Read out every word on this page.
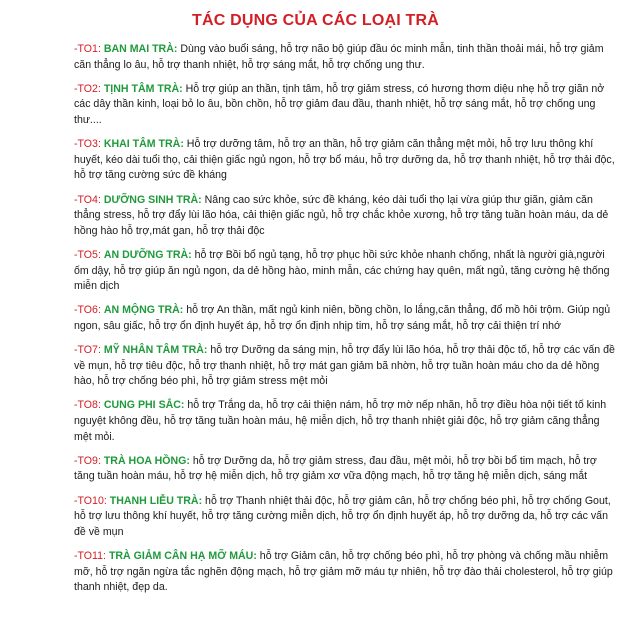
TÁC DỤNG CỦA CÁC LOẠI TRÀ
-TO1: BAN MAI TRÀ: Dùng vào buổi sáng, hỗ trợ não bộ giúp đầu óc minh mẫn, tinh thần thoải mái, hỗ trợ giảm căn thẳng lo âu, hỗ trợ thanh nhiệt, hỗ trợ sáng mắt, hỗ trợ chống ung thư.
-TO2: TỊNH TÂM TRÀ: Hỗ trợ giúp an thần, tịnh tâm, hỗ trợ giảm stress, có hương thơm diệu nhẹ hỗ trợ giãn nở các dây thần kinh, loại bỏ lo âu, bồn chồn, hỗ trợ giảm đau đầu, thanh nhiệt, hỗ trợ sáng mắt, hỗ trợ chống ung thư....
-TO3: KHAI TÂM TRÀ: Hỗ trợ dưỡng tâm, hỗ trợ an thần, hỗ trợ giảm căn thẳng mệt mỏi, hỗ trợ lưu thông khí huyết, kéo dài tuổi thọ, cải thiện giấc ngủ ngon, hỗ trợ bổ máu, hỗ trợ dưỡng da, hỗ trợ thanh nhiệt, hỗ trợ thải độc, hỗ trợ tăng cường sức đề kháng
-TO4: DƯỠNG SINH TRÀ: Nâng cao sức khỏe, sức đề kháng, kéo dài tuổi thọ lại vừa giúp thư giãn, giảm căn thẳng stress, hỗ trợ đẩy lùi lão hóa, cải thiện giấc ngủ, hỗ trợ chắc khỏe xương, hỗ trợ tăng tuần hoàn máu, da dẻ hồng hào hỗ trợ,mát gan, hỗ trợ thải độc
-TO5: AN DƯỠNG TRÀ: hỗ trợ Bồi bổ ngủ tạng, hỗ trợ phục hồi sức khỏe nhanh chống, nhất là người già,người ốm dậy, hỗ trợ giúp ăn ngủ ngon, da dẻ hồng hào, minh mẫn, các chứng hay quên, mất ngủ, tăng cường hệ thống miễn dịch
-TO6: AN MỘNG TRÀ: hỗ trợ An thần, mất ngủ kinh niên, bồng chồn, lo lắng,căn thẳng, đổ mồ hôi trộm. Giúp ngủ ngon, sâu giấc, hỗ trợ ổn định huyết áp, hỗ trợ ổn định nhịp tim, hỗ trợ sáng mắt, hỗ trợ cải thiện trí nhớ
-TO7: MỸ NHÂN TÂM TRÀ: hỗ trợ Dưỡng da sáng mịn, hỗ trợ đẩy lùi lão hóa, hỗ trợ thải độc tố, hỗ trợ các vấn đề về mụn, hỗ trợ tiêu độc, hỗ trợ thanh nhiệt, hỗ trợ mát gan giảm bã nhờn, hỗ trợ tuần hoàn máu cho da dẻ hồng hào, hỗ trợ chống béo phì, hỗ trợ giảm stress mệt mỏi
-TO8: CUNG PHI SẮC: hỗ trợ Trắng da, hỗ trợ cải thiện nám, hỗ trợ mờ nếp nhăn, hỗ trợ điều hòa nội tiết tố kinh nguyệt không đều, hỗ trợ tăng tuần hoàn máu, hệ miễn dịch, hỗ trợ thanh nhiệt giải độc, hỗ trợ giảm căng thẳng mệt mỏi.
-TO9: TRÀ HOA HỒNG: hỗ trợ Dưỡng da, hỗ trợ giảm stress, đau đầu, mệt mỏi, hỗ trợ bồi bổ tim mạch, hỗ trợ tăng tuần hoàn máu, hỗ trợ hệ miễn dịch, hỗ trợ giảm xơ vữa động mạch, hỗ trợ tăng hệ miễn dịch, sáng mắt
-TO10: THANH LIỄU TRÀ: hỗ trợ Thanh nhiệt thải độc, hỗ trợ giảm cân, hỗ trợ chống béo phì, hỗ trợ chống Gout, hỗ trợ lưu thông khí huyết, hỗ trợ tăng cường miễn dịch, hỗ trợ ổn định huyết áp, hỗ trợ dưỡng da, hỗ trợ các vấn đề về mụn
-TO11: TRÀ GIẢM CÂN HẠ MỠ MÁU: hỗ trợ Giảm cân, hỗ trợ chống béo phì, hỗ trợ phòng và chống mầu nhiễm mỡ, hỗ trợ ngăn ngừa tắc nghẽn động mạch, hỗ trợ giảm mỡ máu tự nhiên, hỗ trợ đào thải cholesterol, hỗ trợ giúp thanh nhiệt, đẹp da.
